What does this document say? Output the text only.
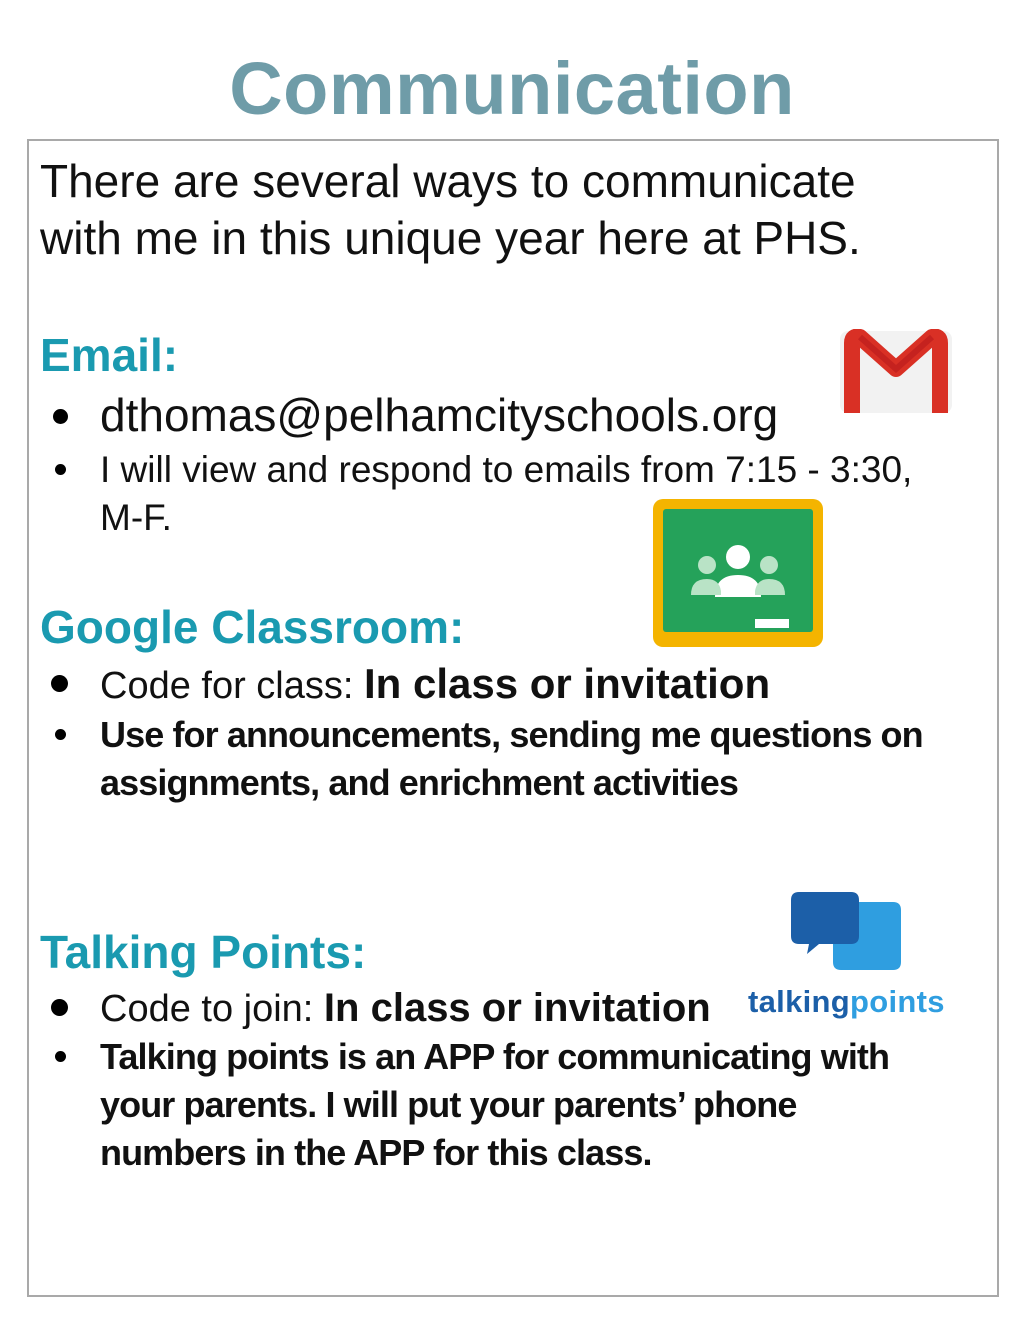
Communication
There are several ways to communicate
with me in this unique year here at PHS.
Email:
dthomas@pelhamcityschools.org
I will view and respond to emails from 7:15 - 3:30,
M-F.
Google Classroom:
Code for class: In class or invitation
Use for announcements, sending me questions on
assignments, and enrichment activities
Talking Points:
talkingpoints
Code to join: In class or invitation
Talking points is an APP for communicating with
your parents. I will put your parents’ phone
numbers in the APP for this class.
